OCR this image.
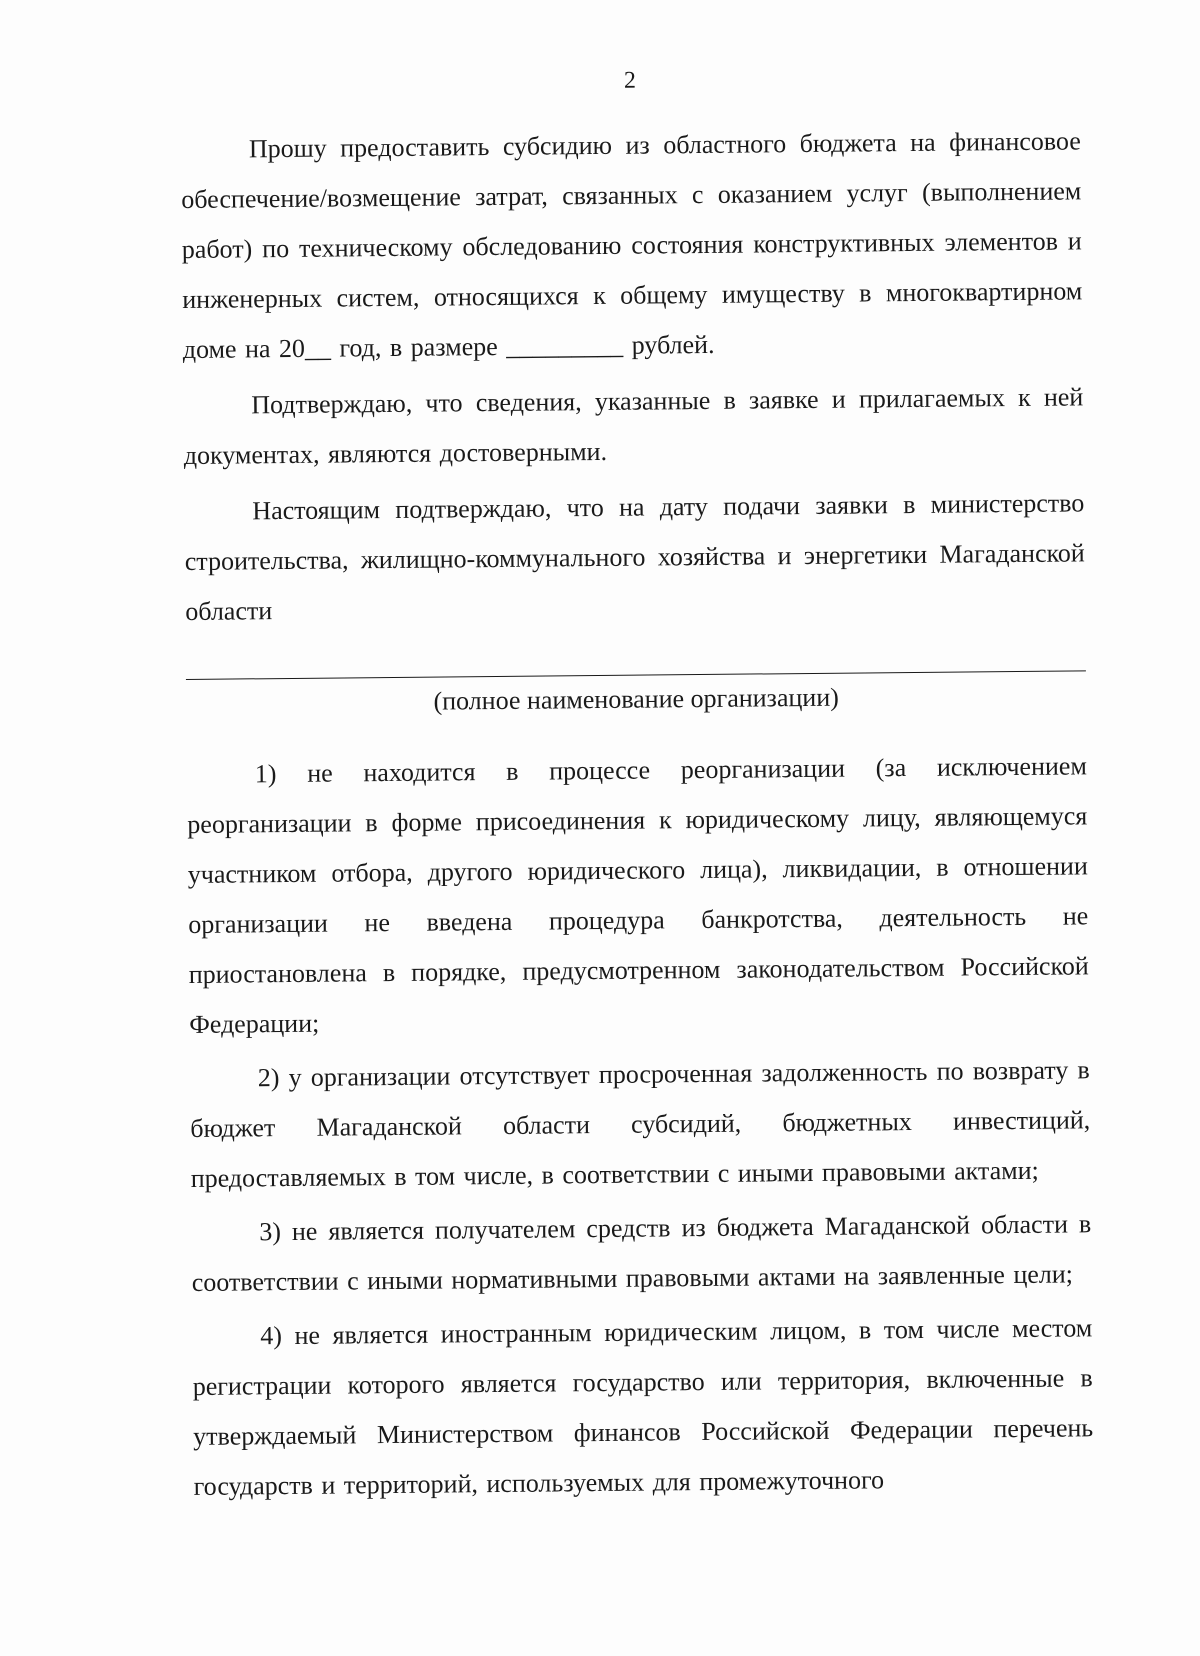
2

Прошу предоставить субсидию из областного бюджета на финансовое обеспечение/возмещение затрат, связанных с оказанием услуг (выполнением работ) по техническому обследованию состояния конструктивных элементов и инженерных систем, относящихся к общему имуществу в многоквартирном доме на 20__ год, в размере _________ рублей.

Подтверждаю, что сведения, указанные в заявке и прилагаемых к ней документах, являются достоверными.

Настоящим подтверждаю, что на дату подачи заявки в министерство строительства, жилищно-коммунального хозяйства и энергетики Магаданской области

(полное наименование организации)

1) не находится в процессе реорганизации (за исключением реорганизации в форме присоединения к юридическому лицу, являющемуся участником отбора, другого юридического лица), ликвидации, в отношении организации не введена процедура банкротства, деятельность не приостановлена в порядке, предусмотренном законодательством Российской Федерации;

2) у организации отсутствует просроченная задолженность по возврату в бюджет Магаданской области субсидий, бюджетных инвестиций, предоставляемых в том числе, в соответствии с иными правовыми актами;

3) не является получателем средств из бюджета Магаданской области в соответствии с иными нормативными правовыми актами на заявленные цели;

4) не является иностранным юридическим лицом, в том числе местом регистрации которого является государство или территория, включенные в утверждаемый Министерством финансов Российской Федерации перечень государств и территорий, используемых для промежуточного
